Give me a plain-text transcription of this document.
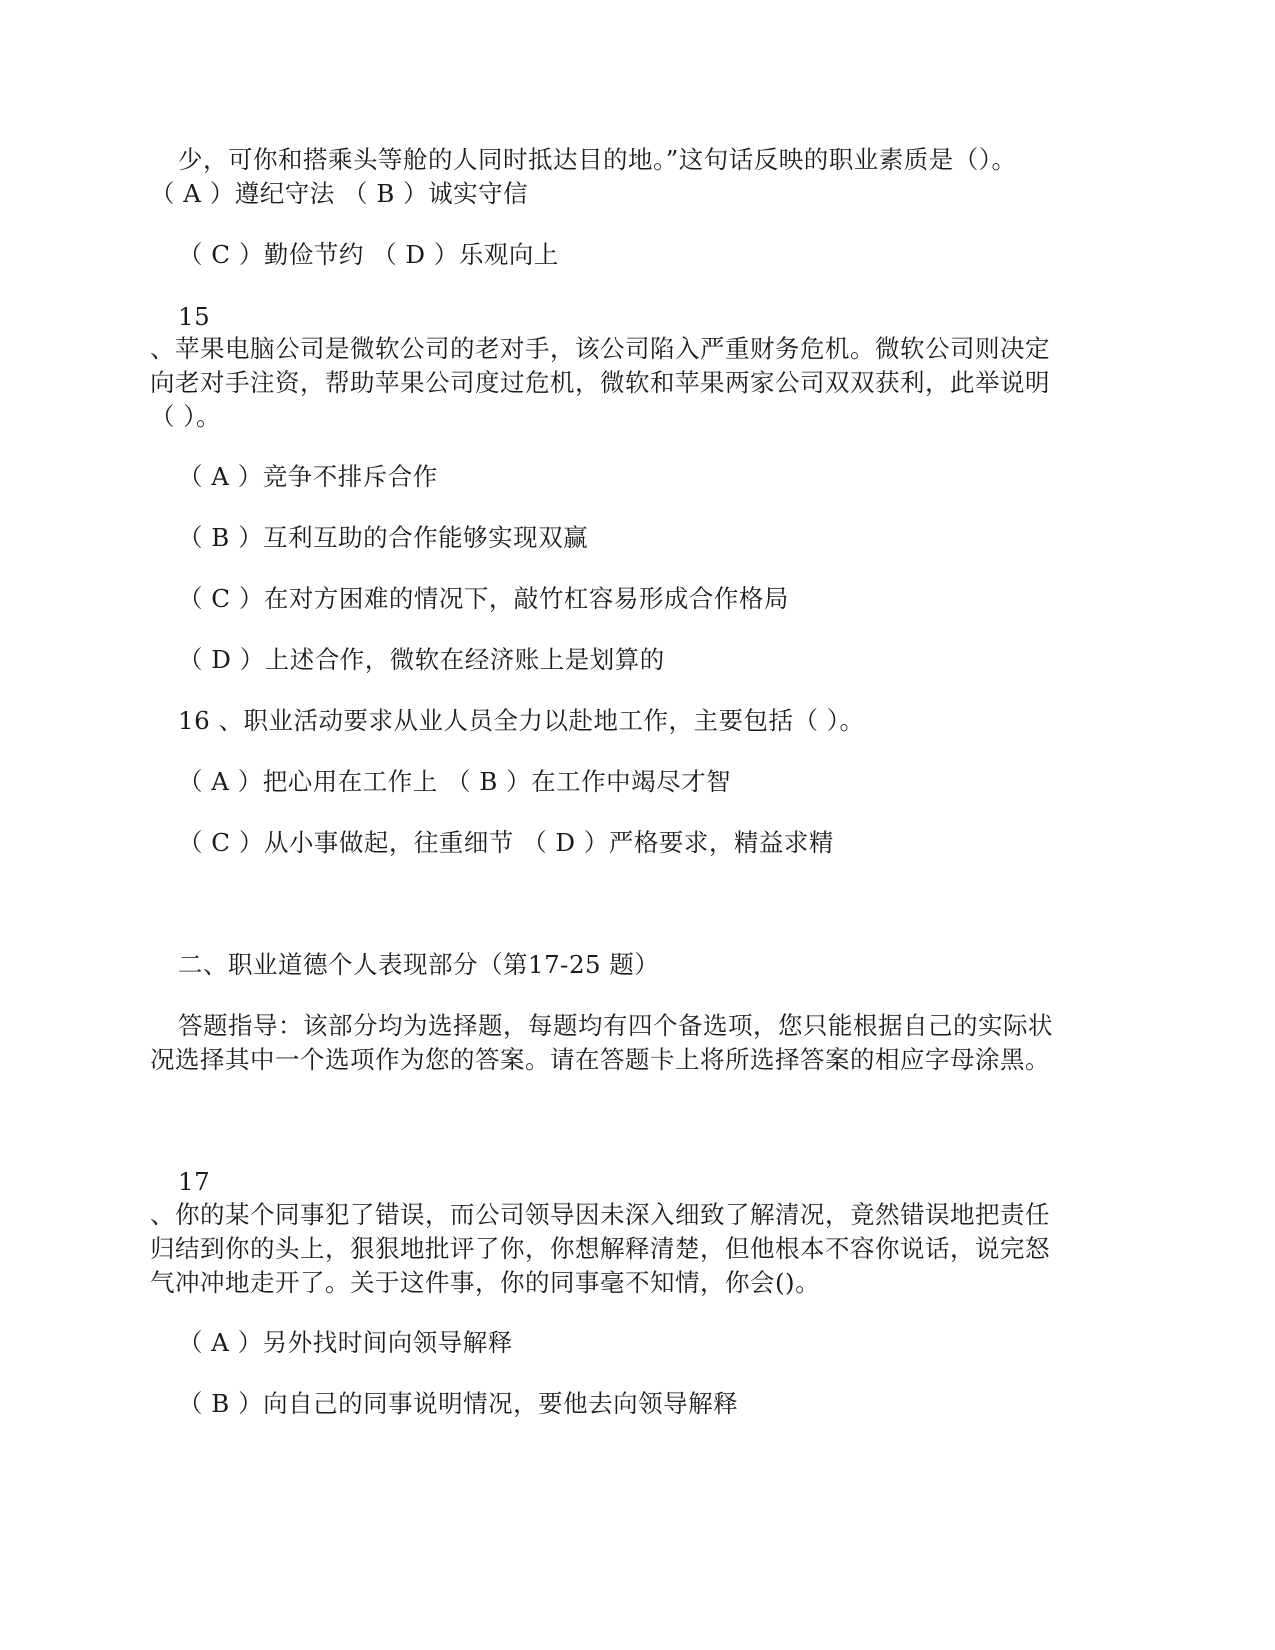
少，可你和搭乘头等舱的人同时抵达目的地。”这句话反映的职业素质是（）。
（ A ）遵纪守法 （ B ）诚实守信
（ C ）勤俭节约 （ D ）乐观向上
15
、苹果电脑公司是微软公司的老对手，该公司陷入严重财务危机。微软公司则决定
向老对手注资，帮助苹果公司度过危机，微软和苹果两家公司双双获利，此举说明
（ ）。
（ A ）竞争不排斥合作
（ B ）互利互助的合作能够实现双赢
（ C ）在对方困难的情况下，敲竹杠容易形成合作格局
（ D ）上述合作，微软在经济账上是划算的
16 、职业活动要求从业人员全力以赴地工作，主要包括（ ）。
（ A ）把心用在工作上 （ B ）在工作中竭尽才智
（ C ）从小事做起，往重细节 （ D ）严格要求，精益求精
二、职业道德个人表现部分（第17-25 题）
答题指导：该部分均为选择题，每题均有四个备选项，您只能根据自己的实际状
况选择其中一个选项作为您的答案。请在答题卡上将所选择答案的相应字母涂黑。
17
、你的某个同事犯了错误，而公司领导因未深入细致了解清况，竟然错误地把责任
归结到你的头上，狠狠地批评了你，你想解释清楚，但他根本不容你说话，说完怒
气冲冲地走开了。关于这件事，你的同事毫不知情，你会()。
（ A ）另外找时间向领导解释
（ B ）向自己的同事说明情况，要他去向领导解释
